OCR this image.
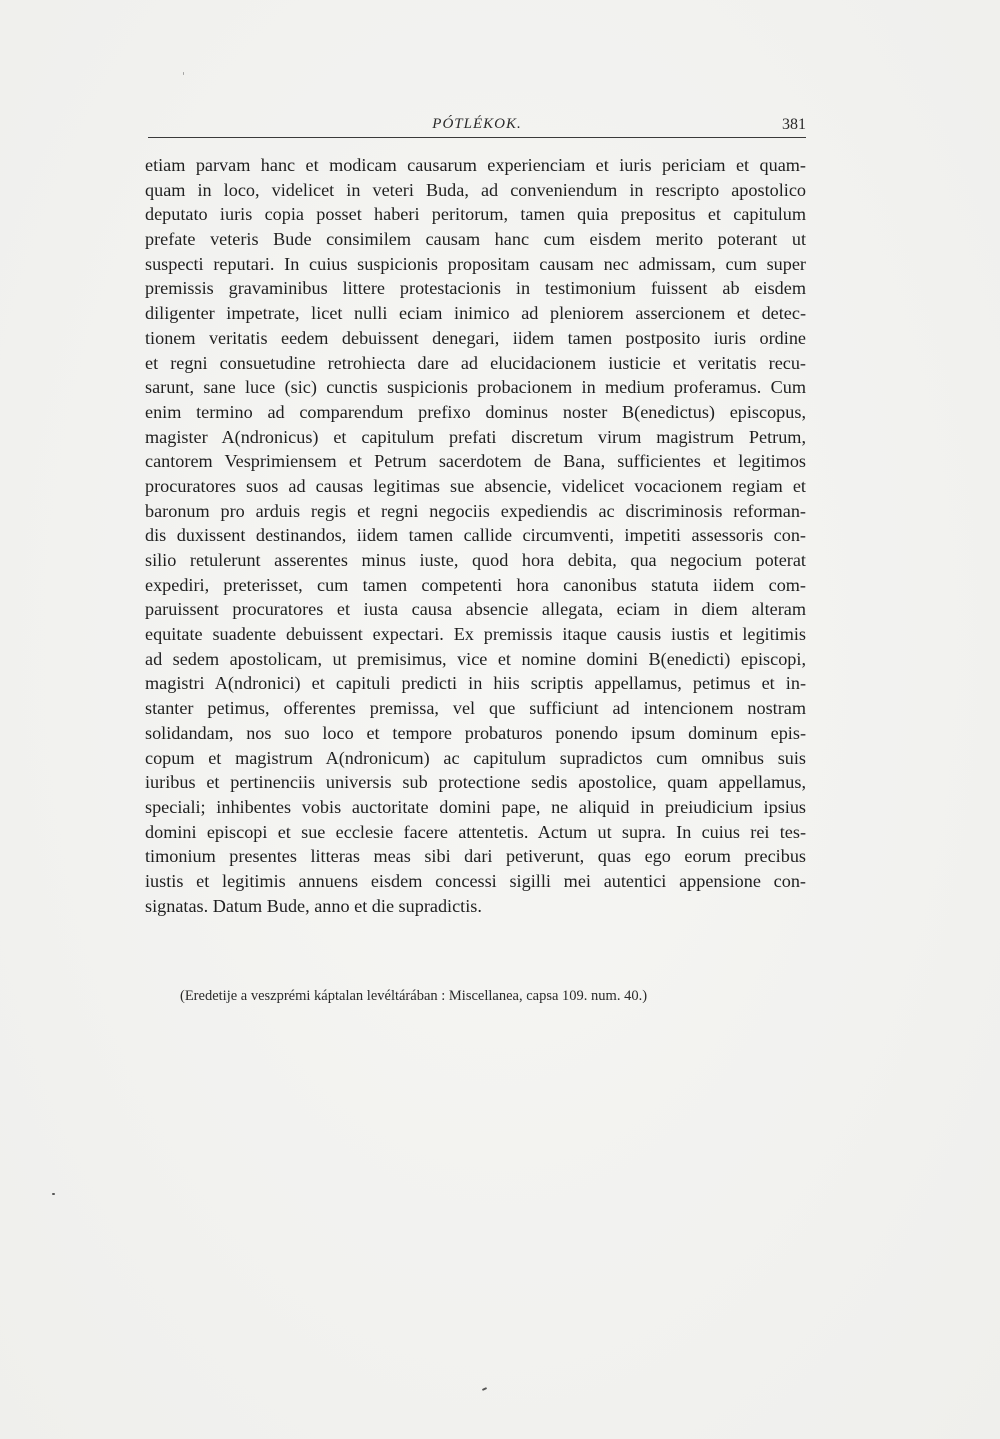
PÓTLÉKOK.	381
etiam parvam hanc et modicam causarum experienciam et iuris periciam et quam-
quam in loco, videlicet in veteri Buda, ad conveniendum in rescripto apostolico
deputato iuris copia posset haberi peritorum, tamen quia prepositus et capitulum
prefate veteris Bude consimilem causam hanc cum eisdem merito poterant ut
suspecti reputari. In cuius suspicionis propositam causam nec admissam, cum super
premissis gravaminibus littere protestacionis in testimonium fuissent ab eisdem
diligenter impetrate, licet nulli eciam inimico ad pleniorem assercionem et detec-
tionem veritatis eedem debuissent denegari, iidem tamen postposito iuris ordine
et regni consuetudine retrohiecta dare ad elucidacionem iusticie et veritatis recu-
sarunt, sane luce (sic) cunctis suspicionis probacionem in medium proferamus. Cum
enim termino ad comparendum prefixo dominus noster B(enedictus) episcopus,
magister A(ndronicus) et capitulum prefati discretum virum magistrum Petrum,
cantorem Vesprimiensem et Petrum sacerdotem de Bana, sufficientes et legitimos
procuratores suos ad causas legitimas sue absencie, videlicet vocacionem regiam et
baronum pro arduis regis et regni negociis expediendis ac discriminosis reforman-
dis duxissent destinandos, iidem tamen callide circumventi, impetiti assessoris con-
silio retulerunt asserentes minus iuste, quod hora debita, qua negocium poterat
expediri, preterisset, cum tamen competenti hora canonibus statuta iidem com-
paruissent procuratores et iusta causa absencie allegata, eciam in diem alteram
equitate suadente debuissent expectari. Ex premissis itaque causis iustis et legitimis
ad sedem apostolicam, ut premisimus, vice et nomine domini B(enedicti) episcopi,
magistri A(ndronici) et capituli predicti in hiis scriptis appellamus, petimus et in-
stanter petimus, offerentes premissa, vel que sufficiunt ad intencionem nostram
solidandam, nos suo loco et tempore probaturos ponendo ipsum dominum epis-
copum et magistrum A(ndronicum) ac capitulum supradictos cum omnibus suis
iuribus et pertinenciis universis sub protectione sedis apostolice, quam appellamus,
speciali; inhibentes vobis auctoritate domini pape, ne aliquid in preiudicium ipsius
domini episcopi et sue ecclesie facere attentetis. Actum ut supra. In cuius rei tes-
timonium presentes litteras meas sibi dari petiverunt, quas ego eorum precibus
iustis et legitimis annuens eisdem concessi sigilli mei autentici appensione con-
signatas. Datum Bude, anno et die supradictis.
(Eredetije a veszprémi káptalan levéltárában : Miscellanea, capsa 109. num. 40.)
